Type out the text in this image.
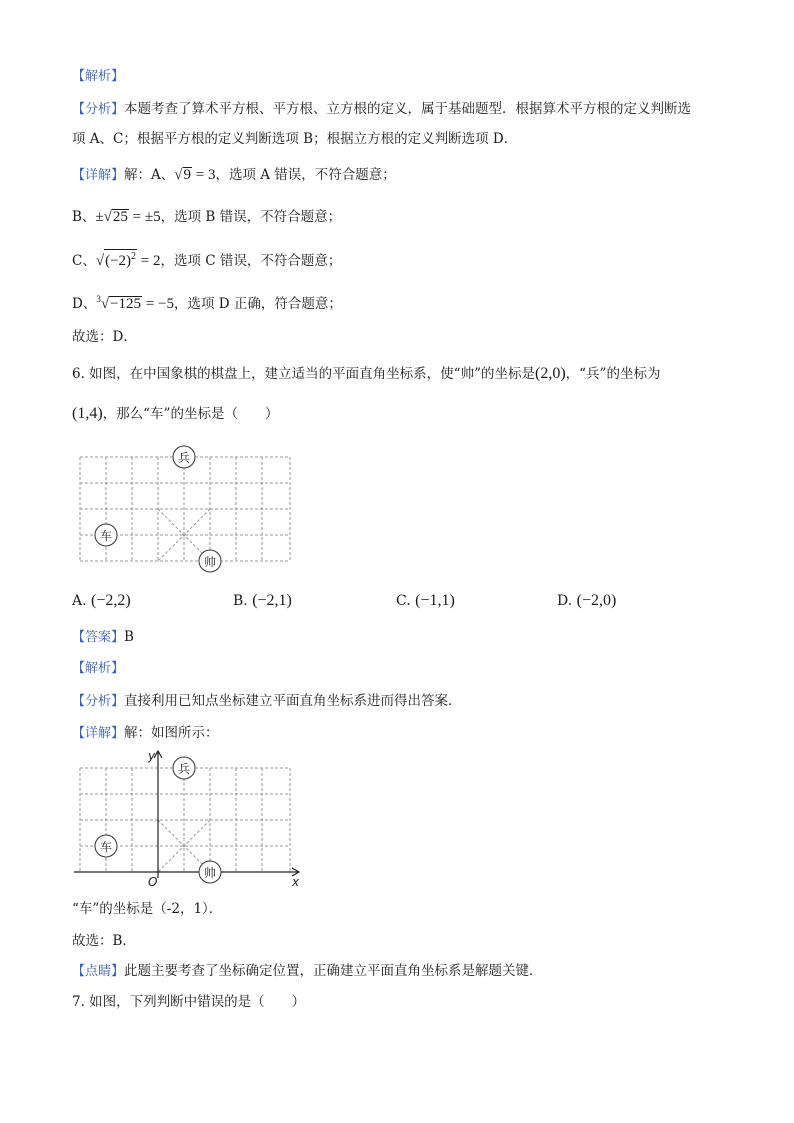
【解析】
【分析】本题考查了算术平方根、平方根、立方根的定义，属于基础题型．根据算术平方根的定义判断选
项 A、C；根据平方根的定义判断选项 B；根据立方根的定义判断选项 D．
【详解】解：A、√9 = 3，选项 A 错误，不符合题意；
B、±√25 = ±5，选项 B 错误，不符合题意；
C、$√(-2)^2 = 2$，选项 C 错误，不符合题意；
D、$^3$√−125 = −5，选项 D 正确，符合题意；
故选：D．
6. 如图，在中国象棋的棋盘上，建立适当的平面直角坐标系，使“帅”的坐标是(2,0)，“兵”的坐标为
(1,4)，那么“车”的坐标是（　　）
兵
车
帅
A. (−2,2)	B. (−2,1)	C. (−1,1)	D. (−2,0)
【答案】B
【解析】
【分析】直接利用已知点坐标建立平面直角坐标系进而得出答案．
【详解】解：如图所示：
y
x
O
兵
车
帅
“车”的坐标是（-2，1）．
故选：B．
【点睛】此题主要考查了坐标确定位置，正确建立平面直角坐标系是解题关键．
7. 如图，下列判断中错误的是（　　）
